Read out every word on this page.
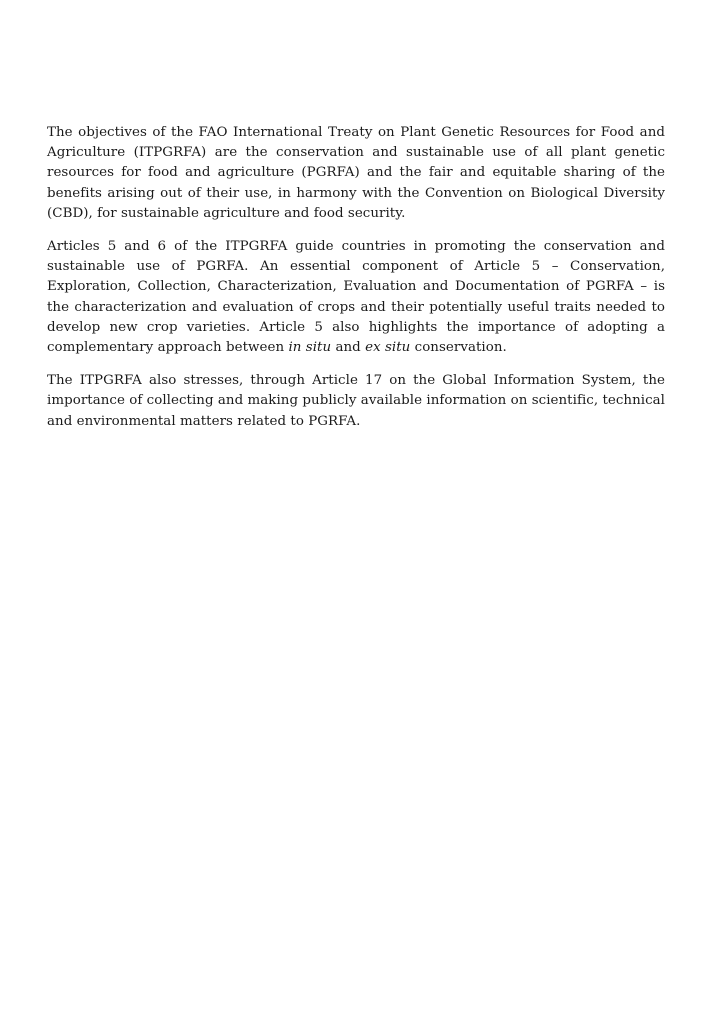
The objectives of the FAO International Treaty on Plant Genetic Resources for Food and Agriculture (ITPGRFA) are the conservation and sustainable use of all plant genetic resources for food and agriculture (PGRFA) and the fair and equitable sharing of the benefits arising out of their use, in harmony with the Convention on Biological Diversity (CBD), for sustainable agriculture and food security.

Articles 5 and 6 of the ITPGRFA guide countries in promoting the conservation and sustainable use of PGRFA. An essential component of Article 5 – Conservation, Exploration, Collection, Characterization, Evaluation and Documentation of PGRFA – is the characterization and evaluation of crops and their potentially useful traits needed to develop new crop varieties. Article 5 also highlights the importance of adopting a complementary approach between in situ and ex situ conservation.

The ITPGRFA also stresses, through Article 17 on the Global Information System, the importance of collecting and making publicly available information on scientific, technical and environmental matters related to PGRFA.
